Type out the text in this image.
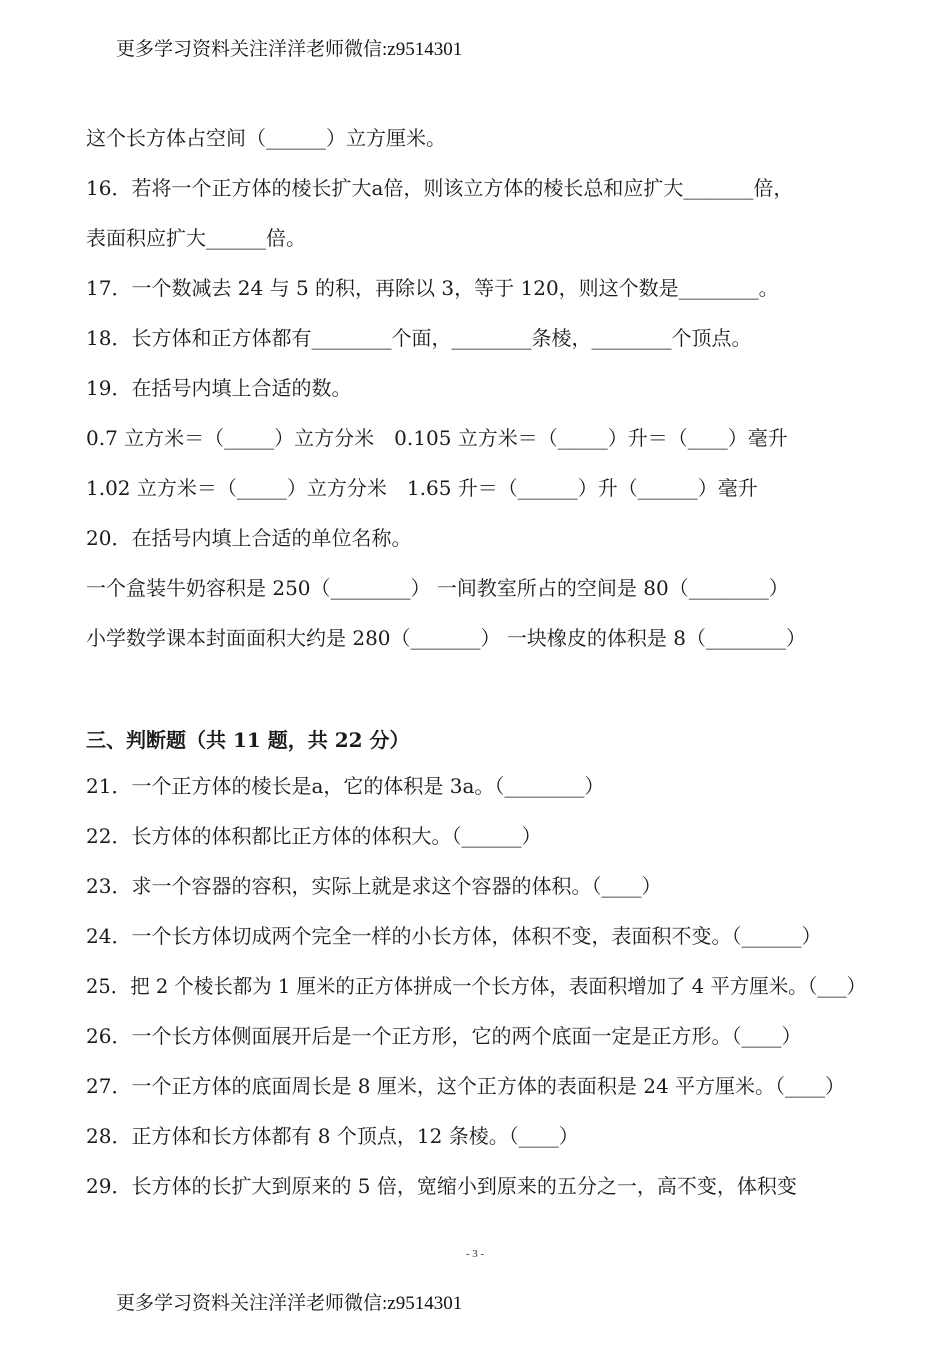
更多学习资料关注洋洋老师微信:z9514301
这个长方体占空间（______）立方厘米。
16．若将一个正方体的棱长扩大a倍，则该立方体的棱长总和应扩大_______倍，
表面积应扩大______倍。
17．一个数减去 24 与 5 的积，再除以 3，等于 120，则这个数是________。
18．长方体和正方体都有________个面，________条棱，________个顶点。
19．在括号内填上合适的数。
0.7 立方米＝（_____）立方分米　0.105 立方米＝（_____）升＝（____）毫升
1.02 立方米＝（_____）立方分米　1.65 升＝（______）升（______）毫升
20．在括号内填上合适的单位名称。
一个盒装牛奶容积是 250（________） 一间教室所占的空间是 80（________）
小学数学课本封面面积大约是 280（_______） 一块橡皮的体积是 8（________）
三、判断题（共 11 题，共 22 分）
21．一个正方体的棱长是a，它的体积是 3a。（________）
22．长方体的体积都比正方体的体积大。（______）
23．求一个容器的容积，实际上就是求这个容器的体积。（____）
24．一个长方体切成两个完全一样的小长方体，体积不变，表面积不变。（______）
25．把 2 个棱长都为 1 厘米的正方体拼成一个长方体，表面积增加了 4 平方厘米。（___）
26．一个长方体侧面展开后是一个正方形，它的两个底面一定是正方形。（____）
27．一个正方体的底面周长是 8 厘米，这个正方体的表面积是 24 平方厘米。（____）
28．正方体和长方体都有 8 个顶点，12 条棱。（____）
29．长方体的长扩大到原来的 5 倍，宽缩小到原来的五分之一，高不变，体积变
- 3 -
更多学习资料关注洋洋老师微信:z9514301
